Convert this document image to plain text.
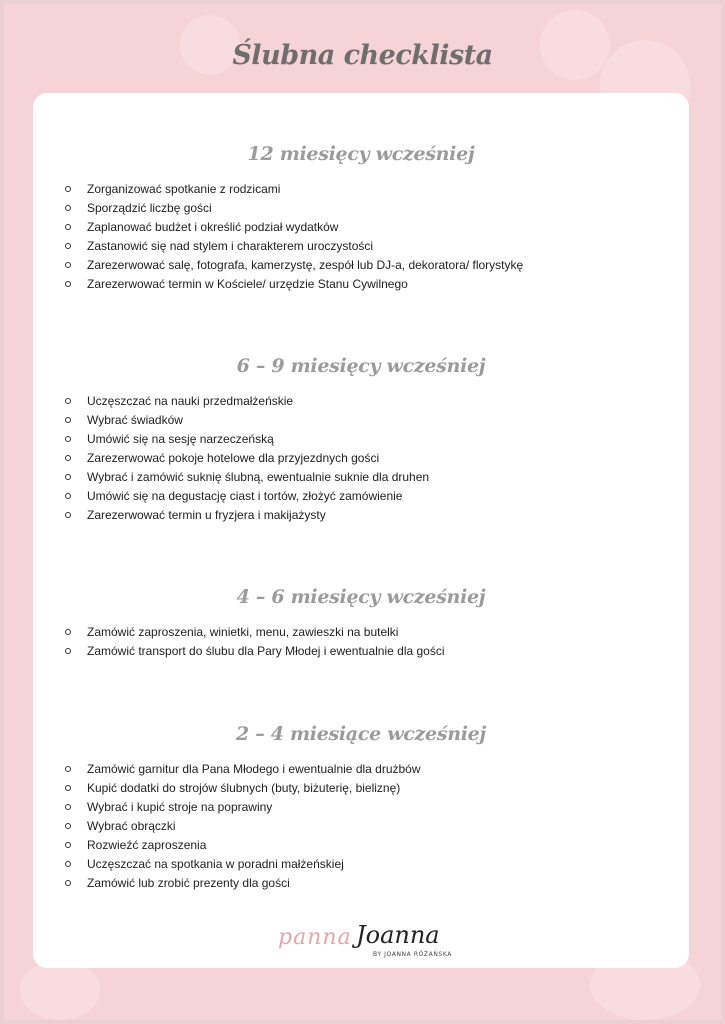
Ślubna checklista
12 miesięcy wcześniej
Zorganizować spotkanie z rodzicami
Sporządzić liczbę gości
Zaplanować budżet i określić podział wydatków
Zastanowić się nad stylem i charakterem uroczystości
Zarezerwować salę, fotografa, kamerzystę, zespół lub DJ-a, dekoratora/ florystykę
Zarezerwować termin w Kościele/ urzędzie Stanu Cywilnego
6 – 9 miesięcy wcześniej
Uczęszczać na nauki przedmałżeńskie
Wybrać świadków
Umówić się na sesję narzeczeńską
Zarezerwować pokoje hotelowe dla przyjezdnych gości
Wybrać i zamówić suknię ślubną, ewentualnie suknie dla druhen
Umówić się na degustację ciast i tortów, złożyć zamówienie
Zarezerwować termin u fryzjera i makijażysty
4 – 6 miesięcy wcześniej
Zamówić zaproszenia, winietki, menu, zawieszki na butelki
Zamówić transport do ślubu dla Pary Młodej i ewentualnie dla gości
2 – 4 miesiące wcześniej
Zamówić garnitur dla Pana Młodego i ewentualnie dla drużbów
Kupić dodatki do strojów ślubnych (buty, biżuterię, bieliznę)
Wybrać i kupić stroje na poprawiny
Wybrać obrączki
Rozwieźć zaproszenia
Uczęszczać na spotkania w poradni małżeńskiej
Zamówić lub zrobić prezenty dla gości
panna Joanna
BY JOANNA RÓŻAŃSKA
